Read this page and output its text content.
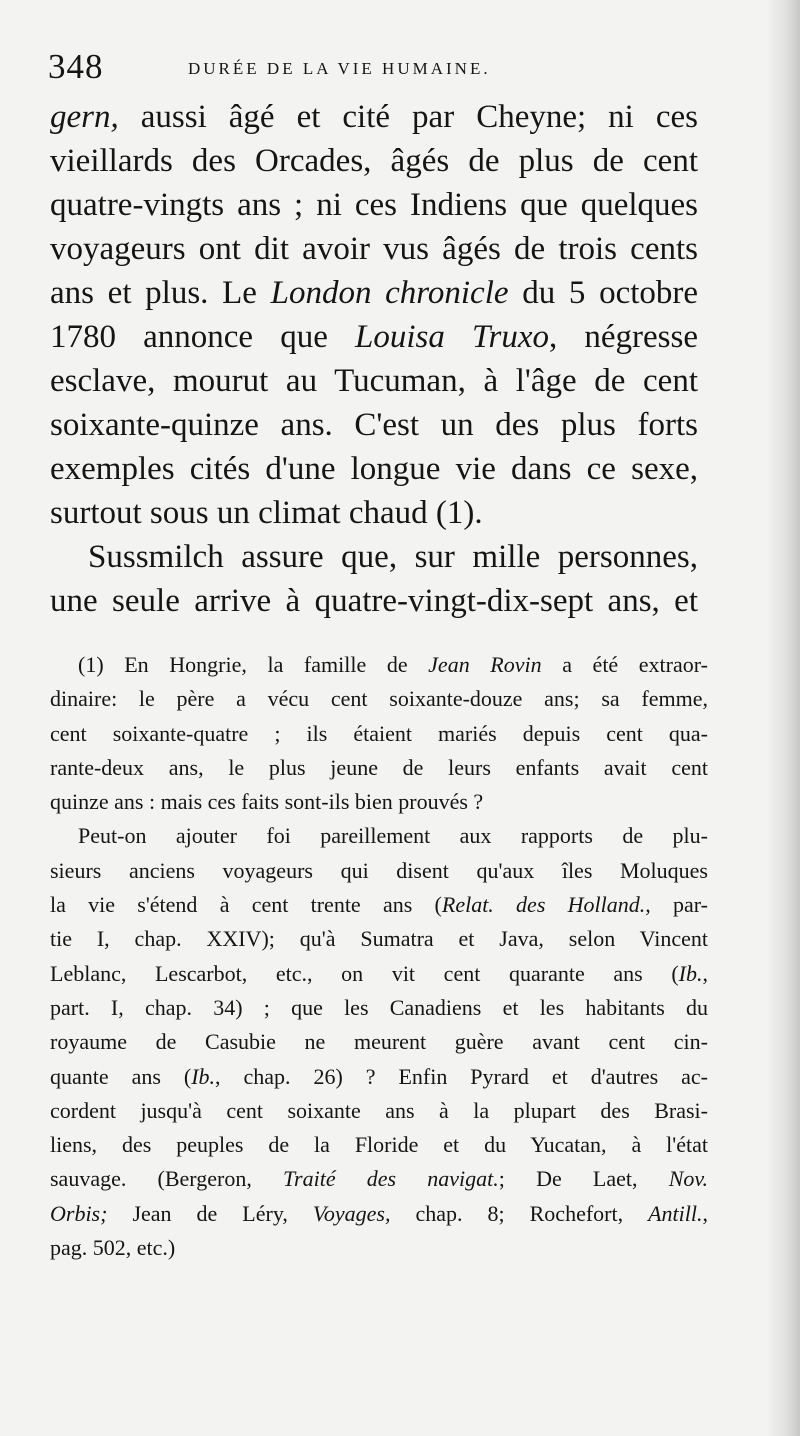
348	DURÉE DE LA VIE HUMAINE.
gern, aussi âgé et cité par Cheyne; ni ces
vieillards des Orcades, âgés de plus de cent
quatre-vingts ans ; ni ces Indiens que quelques
voyageurs ont dit avoir vus âgés de trois cents
ans et plus. Le London chronicle du 5 octobre
1780 annonce que Louisa Truxo, négresse
esclave, mourut au Tucuman, à l'âge de cent
soixante-quinze ans. C'est un des plus forts
exemples cités d'une longue vie dans ce sexe,
surtout sous un climat chaud (1).
Sussmilch assure que, sur mille personnes,
une seule arrive à quatre-vingt-dix-sept ans, et
(1) En Hongrie, la famille de Jean Rovin a été extraor-
dinaire: le père a vécu cent soixante-douze ans; sa femme,
cent soixante-quatre ; ils étaient mariés depuis cent qua-
rante-deux ans, le plus jeune de leurs enfants avait cent
quinze ans : mais ces faits sont-ils bien prouvés ?
Peut-on ajouter foi pareillement aux rapports de plu-
sieurs anciens voyageurs qui disent qu'aux îles Moluques
la vie s'étend à cent trente ans (Relat. des Holland., par-
tie I, chap. XXIV); qu'à Sumatra et Java, selon Vincent
Leblanc, Lescarbot, etc., on vit cent quarante ans (Ib.,
part. I, chap. 34) ; que les Canadiens et les habitants du
royaume de Casubie ne meurent guère avant cent cin-
quante ans (Ib., chap. 26) ? Enfin Pyrard et d'autres ac-
cordent jusqu'à cent soixante ans à la plupart des Brasi-
liens, des peuples de la Floride et du Yucatan, à l'état
sauvage. (Bergeron, Traité des navigat.; De Laet, Nov.
Orbis; Jean de Léry, Voyages, chap. 8; Rochefort, Antill.,
pag. 502, etc.)
